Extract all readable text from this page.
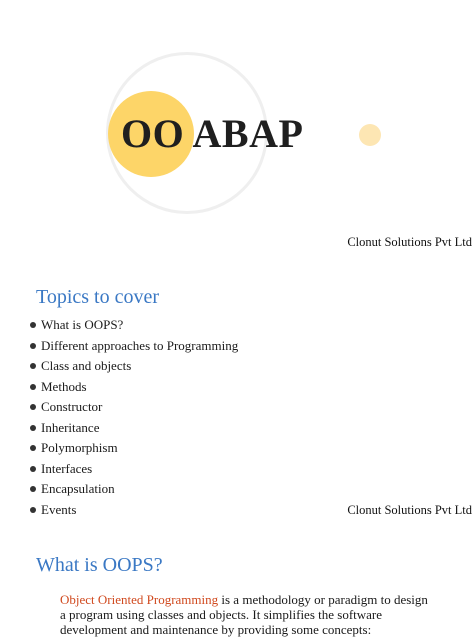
OO ABAP
Clonut Solutions Pvt Ltd
Topics to cover
What is OOPS?
Different approaches to Programming
Class and objects
Methods
Constructor
Inheritance
Polymorphism
Interfaces
Encapsulation
Events	Clonut Solutions Pvt Ltd
What is OOPS?
Object Oriented Programming is a methodology or paradigm to design
a program using classes and objects. It simplifies the software
development and maintenance by providing some concepts:
